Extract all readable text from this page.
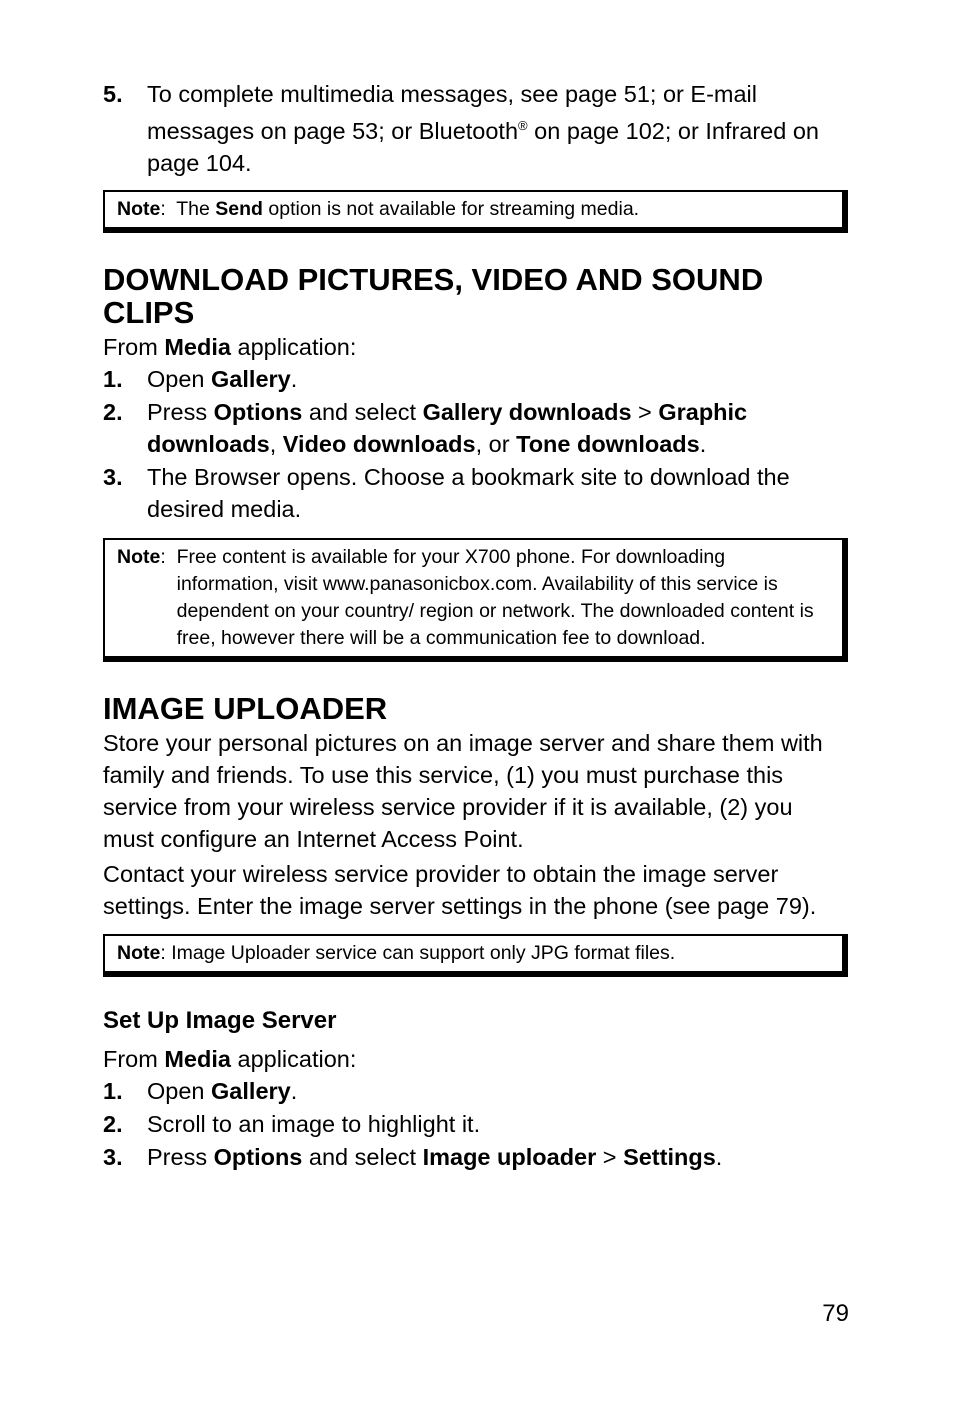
5. To complete multimedia messages, see page 51; or E-mail messages on page 53; or Bluetooth® on page 102; or Infrared on page 104.
Note:  The Send option is not available for streaming media.
DOWNLOAD PICTURES, VIDEO AND SOUND CLIPS

From Media application:

1. Open Gallery.
2. Press Options and select Gallery downloads > Graphic downloads, Video downloads, or Tone downloads.
3. The Browser opens. Choose a bookmark site to download the desired media.
Note : Free content is available for your X700 phone. For downloading information, visit www.panasonicbox.com. Availability of this service is dependent on your country/ region or network. The downloaded content is free, however there will be a communication fee to download.
IMAGE UPLOADER

Store your personal pictures on an image server and share them with family and friends. To use this service, (1) you must purchase this service from your wireless service provider if it is available, (2) you must configure an Internet Access Point.

Contact your wireless service provider to obtain the image server settings. Enter the image server settings in the phone (see page 79).

Note: Image Uploader service can support only JPG format files.
Set Up Image Server

From Media application:

1. Open Gallery.
2. Scroll to an image to highlight it.
3. Press Options and select Image uploader > Settings.
79
